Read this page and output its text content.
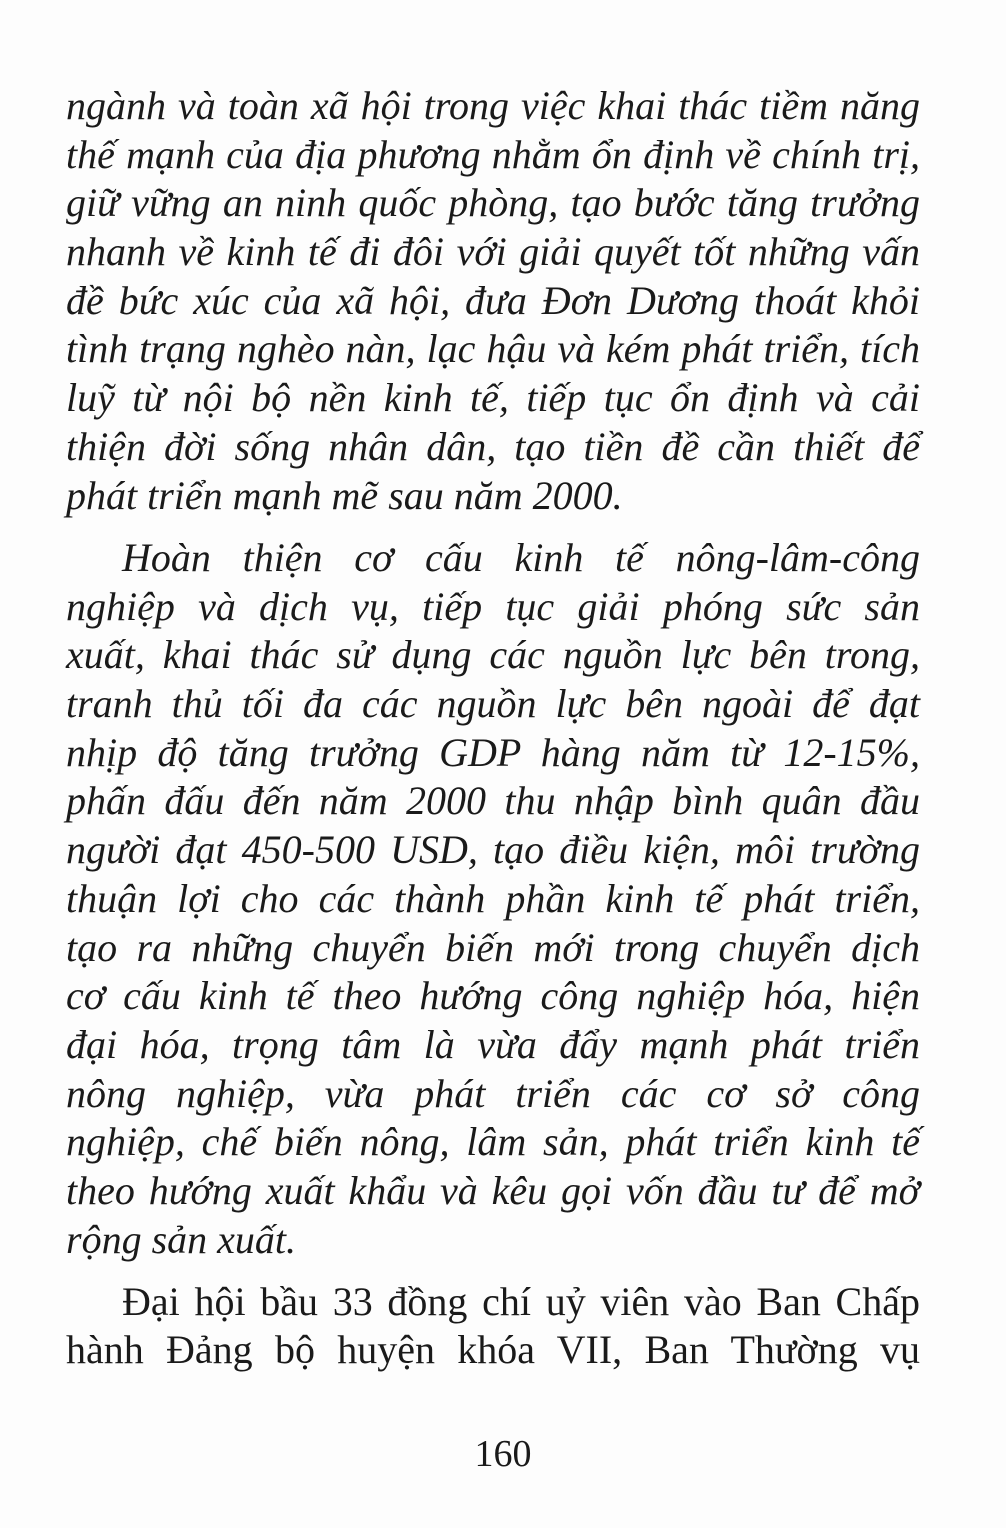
ngành và toàn xã hội trong việc khai thác tiềm năng
thế mạnh của địa phương nhằm ổn định về chính trị,
giữ vững an ninh quốc phòng, tạo bước tăng trưởng
nhanh về kinh tế đi đôi với giải quyết tốt những vấn
đề bức xúc của xã hội, đưa Đơn Dương thoát khỏi
tình trạng nghèo nàn, lạc hậu và kém phát triển, tích
luỹ từ nội bộ nền kinh tế, tiếp tục ổn định và cải
thiện đời sống nhân dân, tạo tiền đề cần thiết để
phát triển mạnh mẽ sau năm 2000.
Hoàn thiện cơ cấu kinh tế nông-lâm-công
nghiệp và dịch vụ, tiếp tục giải phóng sức sản
xuất, khai thác sử dụng các nguồn lực bên trong,
tranh thủ tối đa các nguồn lực bên ngoài để đạt
nhịp độ tăng trưởng GDP hàng năm từ 12-15%,
phấn đấu đến năm 2000 thu nhập bình quân đầu
người đạt 450-500 USD, tạo điều kiện, môi trường
thuận lợi cho các thành phần kinh tế phát triển,
tạo ra những chuyển biến mới trong chuyển dịch
cơ cấu kinh tế theo hướng công nghiệp hóa, hiện
đại hóa, trọng tâm là vừa đẩy mạnh phát triển
nông nghiệp, vừa phát triển các cơ sở công
nghiệp, chế biến nông, lâm sản, phát triển kinh tế
theo hướng xuất khẩu và kêu gọi vốn đầu tư để mở
rộng sản xuất.
Đại hội bầu 33 đồng chí uỷ viên vào Ban Chấp
hành Đảng bộ huyện khóa VII, Ban Thường vụ
160
